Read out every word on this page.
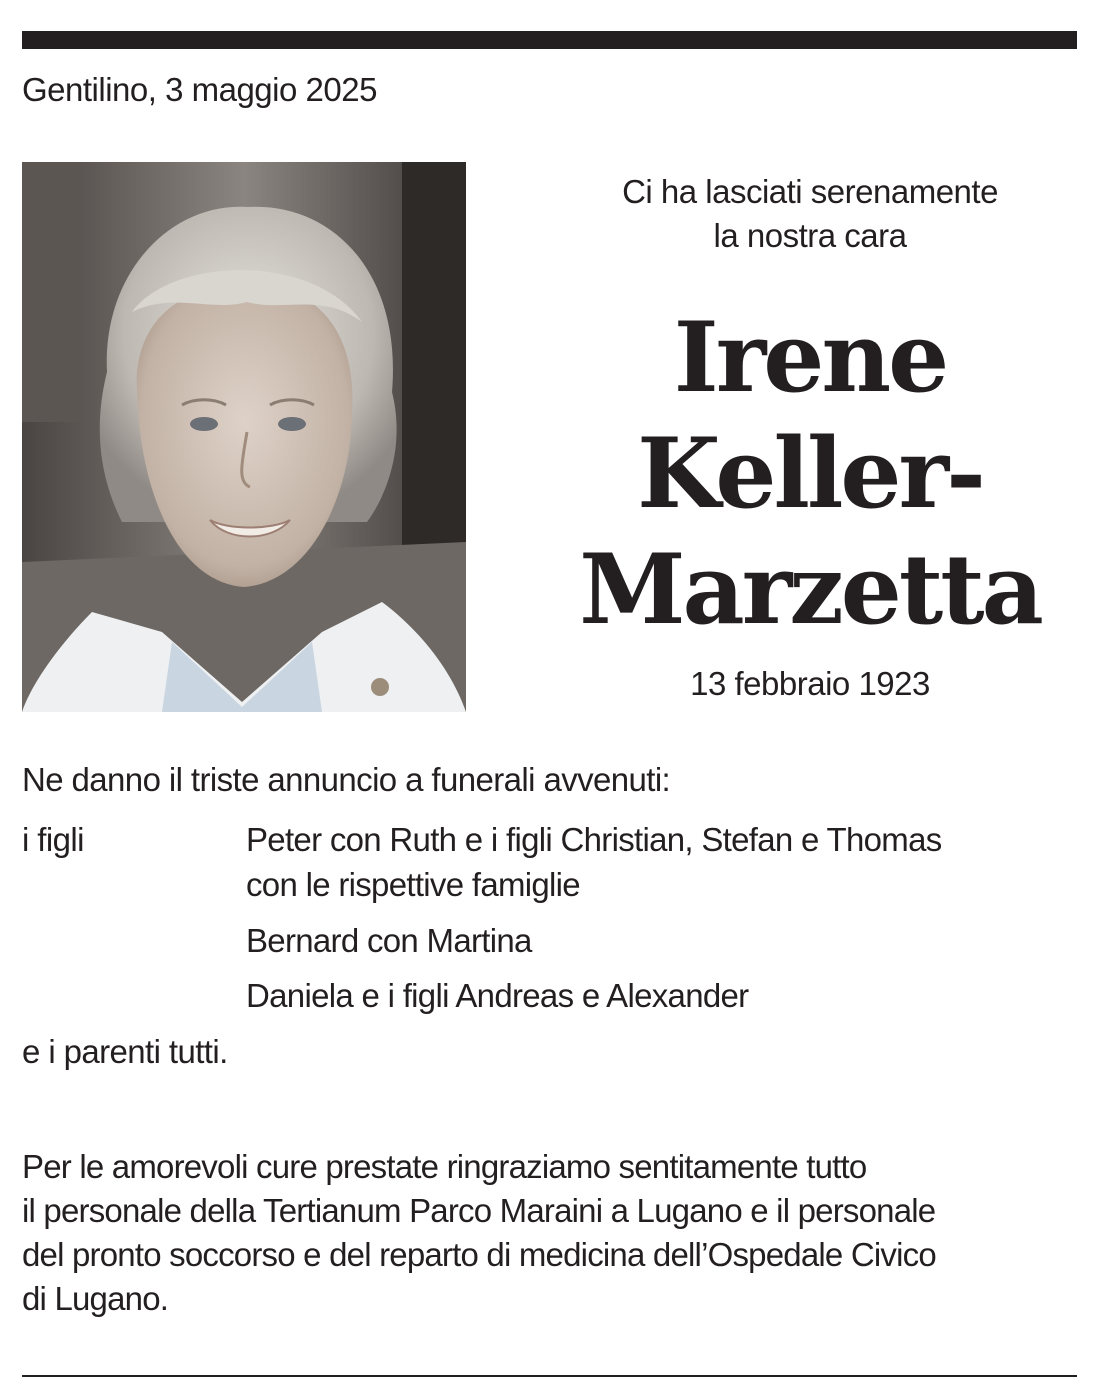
Gentilino, 3 maggio 2025
Ci ha lasciati serenamente
la nostra cara
Irene
Keller-
Marzetta
13 febbraio 1923
Ne danno il triste annuncio a funerali avvenuti:
i figli	Peter con Ruth e i figli Christian, Stefan e Thomas
con le rispettive famiglie
Bernard con Martina
Daniela e i figli Andreas e Alexander
e i parenti tutti.
Per le amorevoli cure prestate ringraziamo sentitamente tutto
il personale della Tertianum Parco Maraini a Lugano e il personale
del pronto soccorso e del reparto di medicina dell’Ospedale Civico
di Lugano.
